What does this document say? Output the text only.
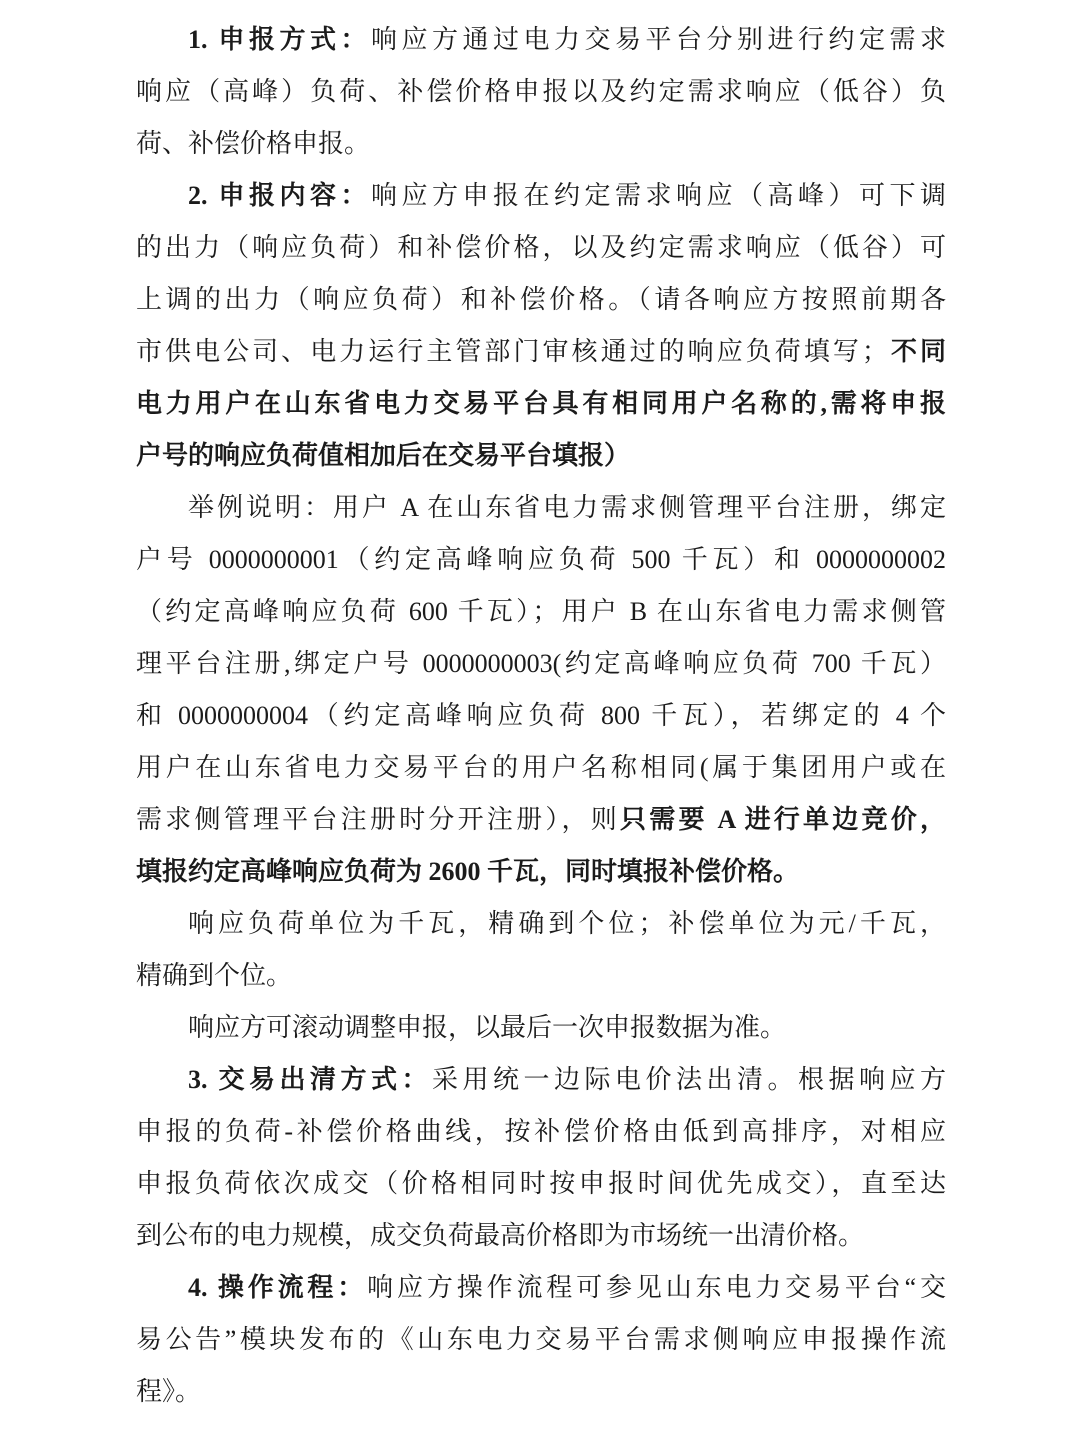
1. 申报方式：响应方通过电力交易平台分别进行约定需求
响应（高峰）负荷、补偿价格申报以及约定需求响应（低谷）负
荷、补偿价格申报。
2. 申报内容：响应方申报在约定需求响应（高峰）可下调
的出力（响应负荷）和补偿价格，以及约定需求响应（低谷）可
上调的出力（响应负荷）和补偿价格。（请各响应方按照前期各
市供电公司、电力运行主管部门审核通过的响应负荷填写；不同
电力用户在山东省电力交易平台具有相同用户名称的,需将申报
户号的响应负荷值相加后在交易平台填报）
举例说明：用户 A 在山东省电力需求侧管理平台注册，绑定
户号 0000000001（约定高峰响应负荷 500 千瓦）和 0000000002
（约定高峰响应负荷 600 千瓦）；用户 B 在山东省电力需求侧管
理平台注册,绑定户号 0000000003(约定高峰响应负荷 700 千瓦）
和 0000000004（约定高峰响应负荷 800 千瓦），若绑定的 4 个
用户在山东省电力交易平台的用户名称相同(属于集团用户或在
需求侧管理平台注册时分开注册），则只需要 A 进行单边竞价，
填报约定高峰响应负荷为 2600 千瓦，同时填报补偿价格。
响应负荷单位为千瓦，精确到个位；补偿单位为元/千瓦，
精确到个位。
响应方可滚动调整申报，以最后一次申报数据为准。
3. 交易出清方式：采用统一边际电价法出清。根据响应方
申报的负荷-补偿价格曲线，按补偿价格由低到高排序，对相应
申报负荷依次成交（价格相同时按申报时间优先成交），直至达
到公布的电力规模，成交负荷最高价格即为市场统一出清价格。
4. 操作流程：响应方操作流程可参见山东电力交易平台“交
易公告”模块发布的《山东电力交易平台需求侧响应申报操作流
程》。
